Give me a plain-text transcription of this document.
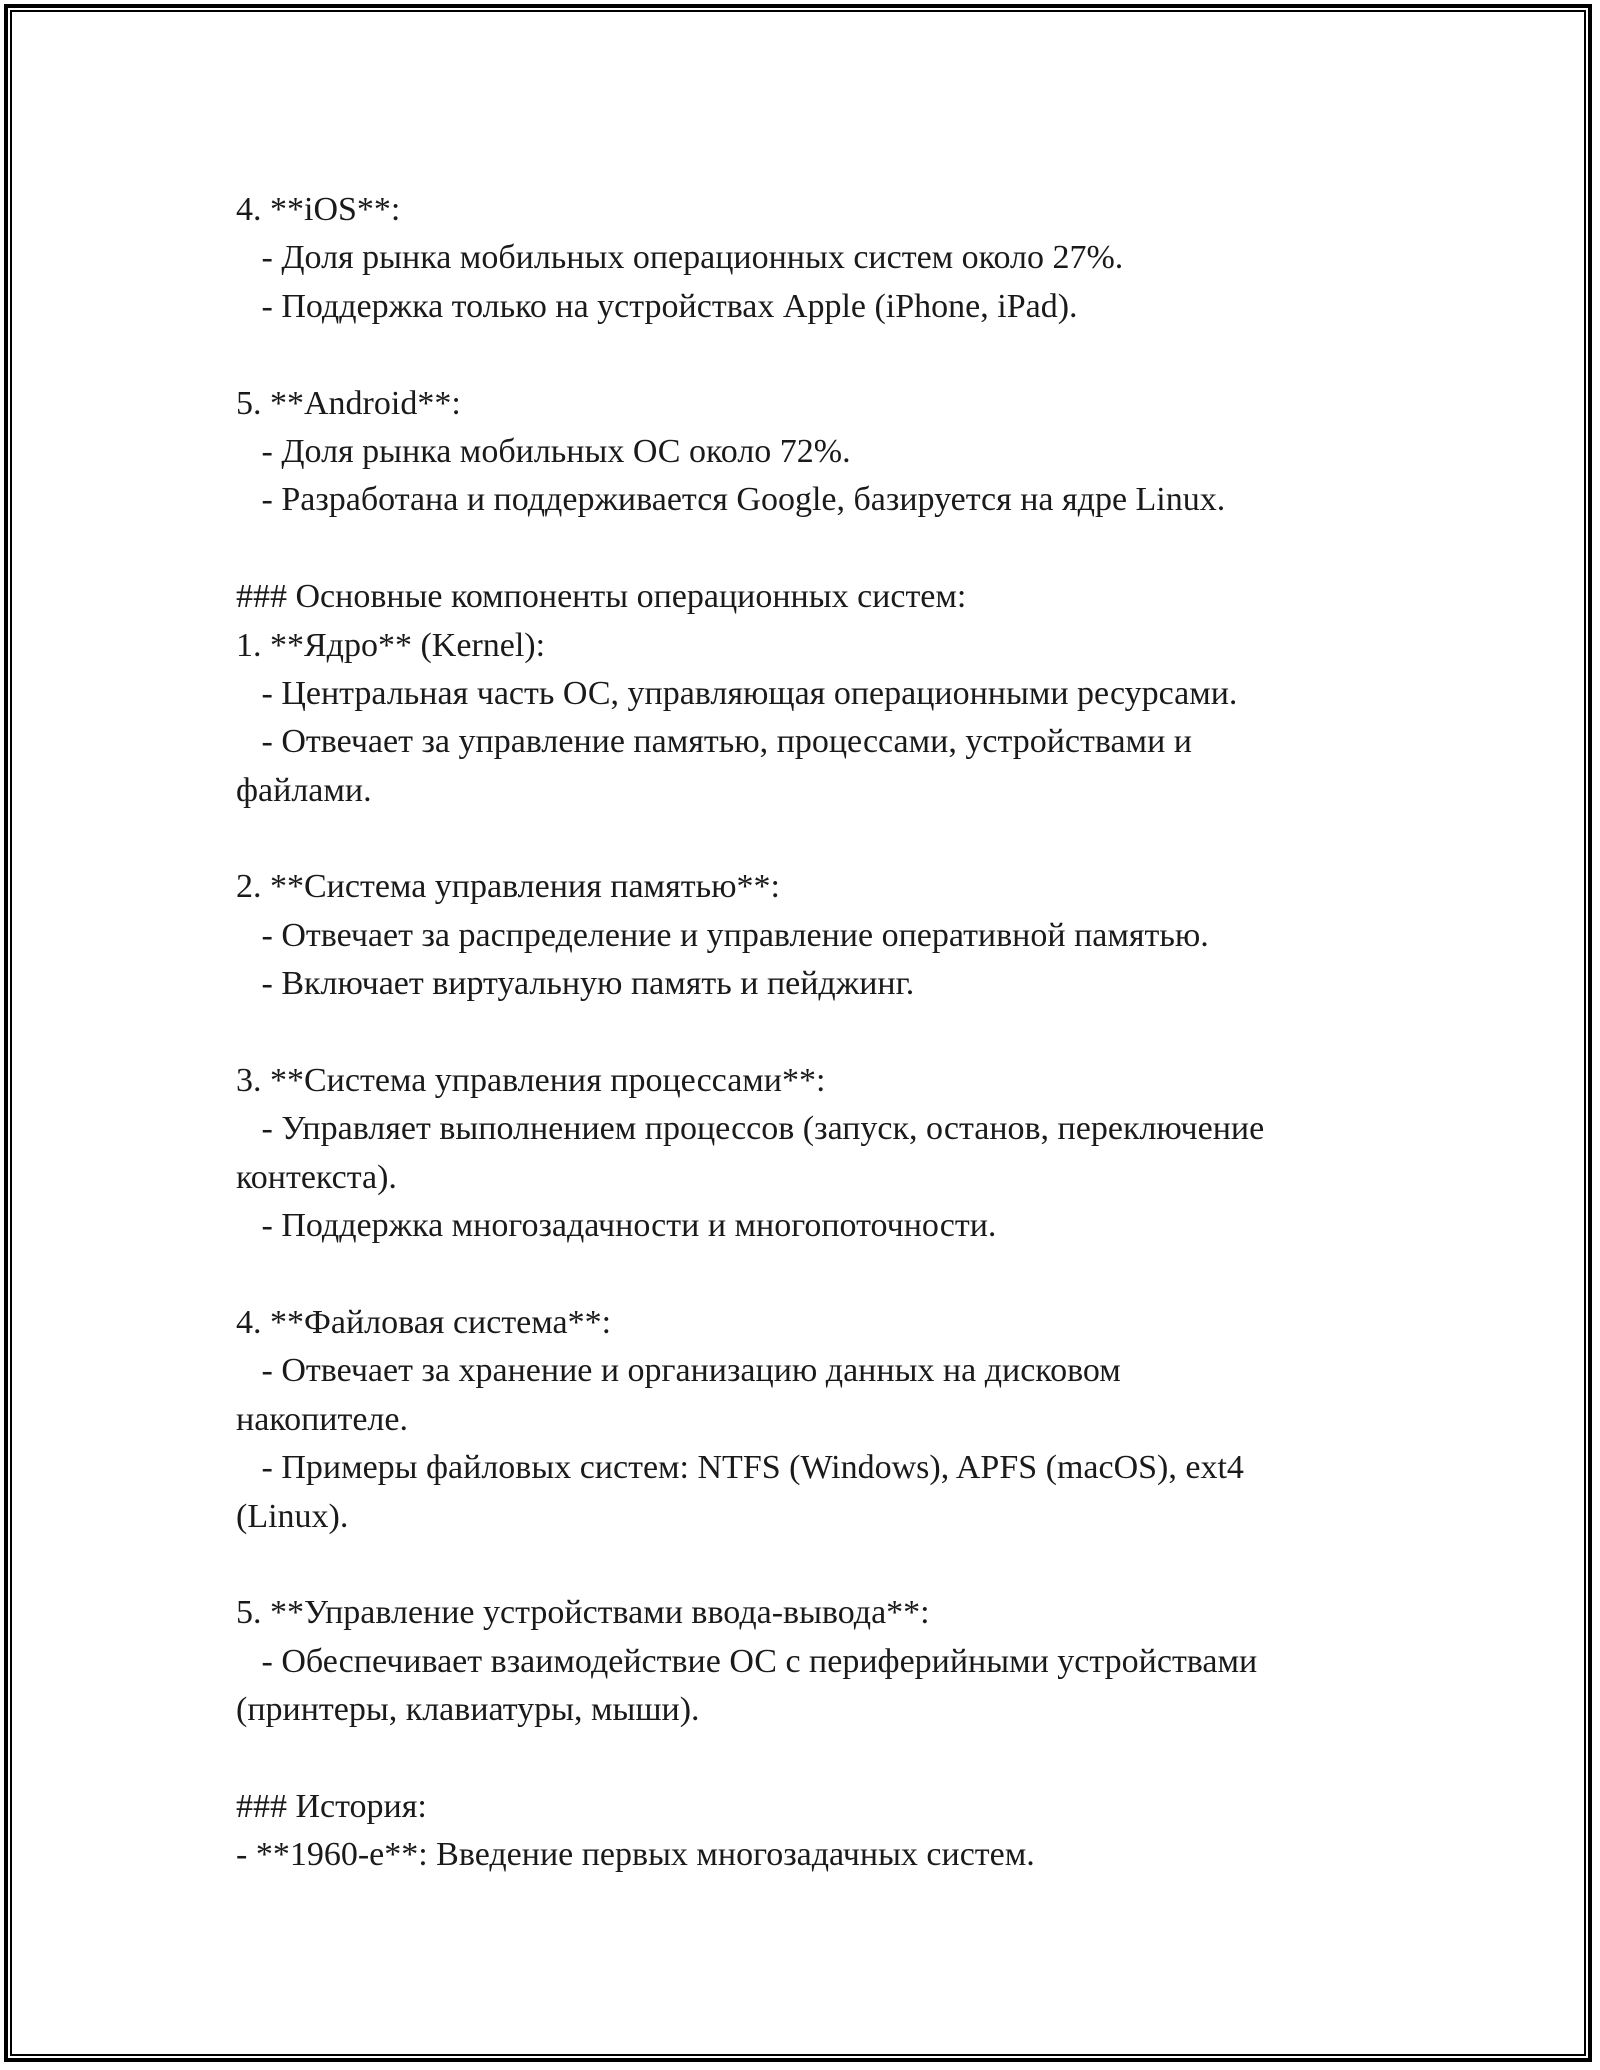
4. **iOS**:
- Доля рынка мобильных операционных систем около 27%.
- Поддержка только на устройствах Apple (iPhone, iPad).
5. **Android**:
- Доля рынка мобильных ОС около 72%.
- Разработана и поддерживается Google, базируется на ядре Linux.
### Основные компоненты операционных систем:
1. **Ядро** (Kernel):
- Центральная часть ОС, управляющая операционными ресурсами.
- Отвечает за управление памятью, процессами, устройствами и
файлами.
2. **Система управления памятью**:
- Отвечает за распределение и управление оперативной памятью.
- Включает виртуальную память и пейджинг.
3. **Система управления процессами**:
- Управляет выполнением процессов (запуск, останов, переключение
контекста).
- Поддержка многозадачности и многопоточности.
4. **Файловая система**:
- Отвечает за хранение и организацию данных на дисковом
накопителе.
- Примеры файловых систем: NTFS (Windows), APFS (macOS), ext4
(Linux).
5. **Управление устройствами ввода-вывода**:
- Обеспечивает взаимодействие ОС с периферийными устройствами
(принтеры, клавиатуры, мыши).
### История:
- **1960-е**: Введение первых многозадачных систем.
